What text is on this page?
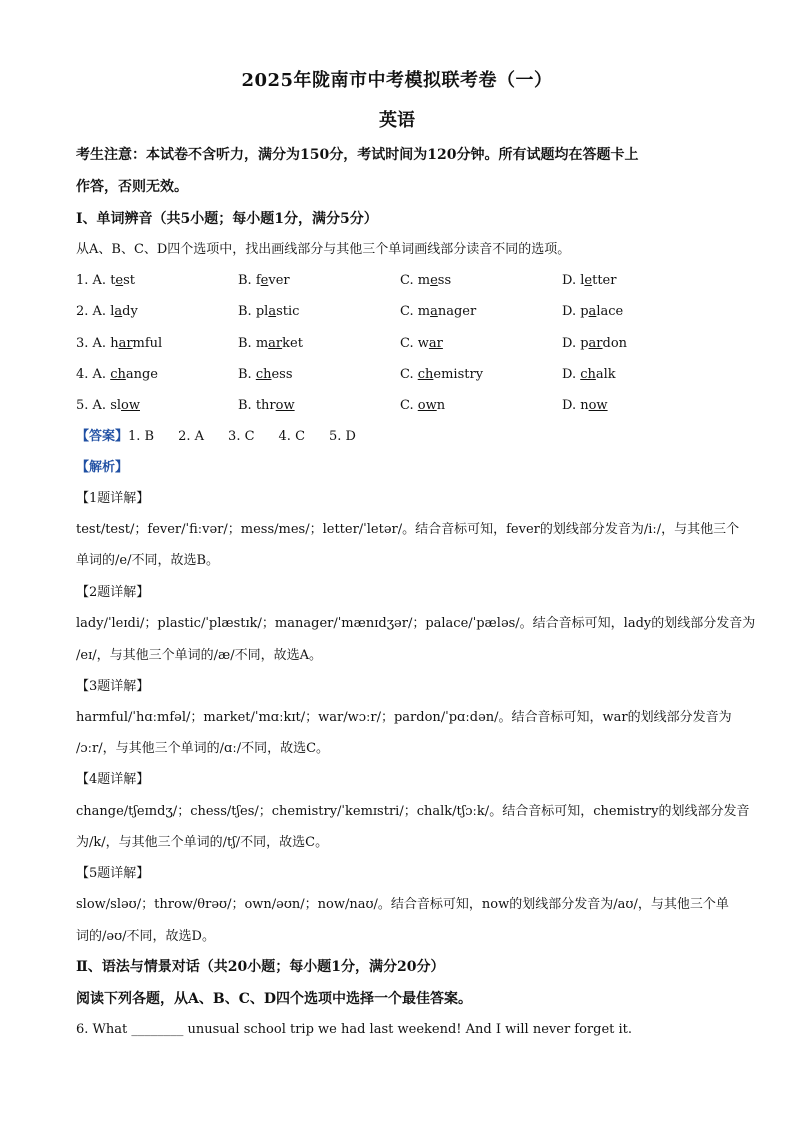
2025年陇南市中考模拟联考卷（一）
英语
考生注意：本试卷不含听力，满分为150分，考试时间为120分钟。所有试题均在答题卡上
作答，否则无效。
Ⅰ、单词辨音（共5小题；每小题1分，满分5分）
从A、B、C、D四个选项中，找出画线部分与其他三个单词画线部分读音不同的选项。
1. A. test	B. fever	C. mess	D. letter
2. A. lady	B. plastic	C. manager	D. palace
3. A. harmful	B. market	C. war	D. pardon
4. A. change	B. chess	C. chemistry	D. chalk
5. A. slow	B. throw	C. own	D. now
【答案】1. B 2. A 3. C 4. C 5. D
【解析】
【1题详解】
test/test/；fever/ˈfiːvər/；mess/mes/；letter/ˈletər/。结合音标可知，fever的划线部分发音为/iː/，与其他三个
单词的/e/不同，故选B。
【2题详解】
lady/ˈleɪdi/；plastic/ˈplæstɪk/；manager/ˈmænɪdʒər/；palace/ˈpæləs/。结合音标可知，lady的划线部分发音为
/eɪ/，与其他三个单词的/æ/不同，故选A。
【3题详解】
harmful/ˈhɑːmfəl/；market/ˈmɑːkɪt/；war/wɔːr/；pardon/ˈpɑːdən/。结合音标可知，war的划线部分发音为
/ɔːr/，与其他三个单词的/ɑː/不同，故选C。
【4题详解】
change/tʃeɪndʒ/；chess/tʃes/；chemistry/ˈkemɪstri/；chalk/tʃɔːk/。结合音标可知，chemistry的划线部分发音
为/k/，与其他三个单词的/tʃ/不同，故选C。
【5题详解】
slow/sləʊ/；throw/θrəʊ/；own/əʊn/；now/naʊ/。结合音标可知，now的划线部分发音为/aʊ/，与其他三个单
词的/əʊ/不同，故选D。
Ⅱ、语法与情景对话（共20小题；每小题1分，满分20分）
阅读下列各题，从A、B、C、D四个选项中选择一个最佳答案。
6. What ________ unusual school trip we had last weekend! And I will never forget it.
